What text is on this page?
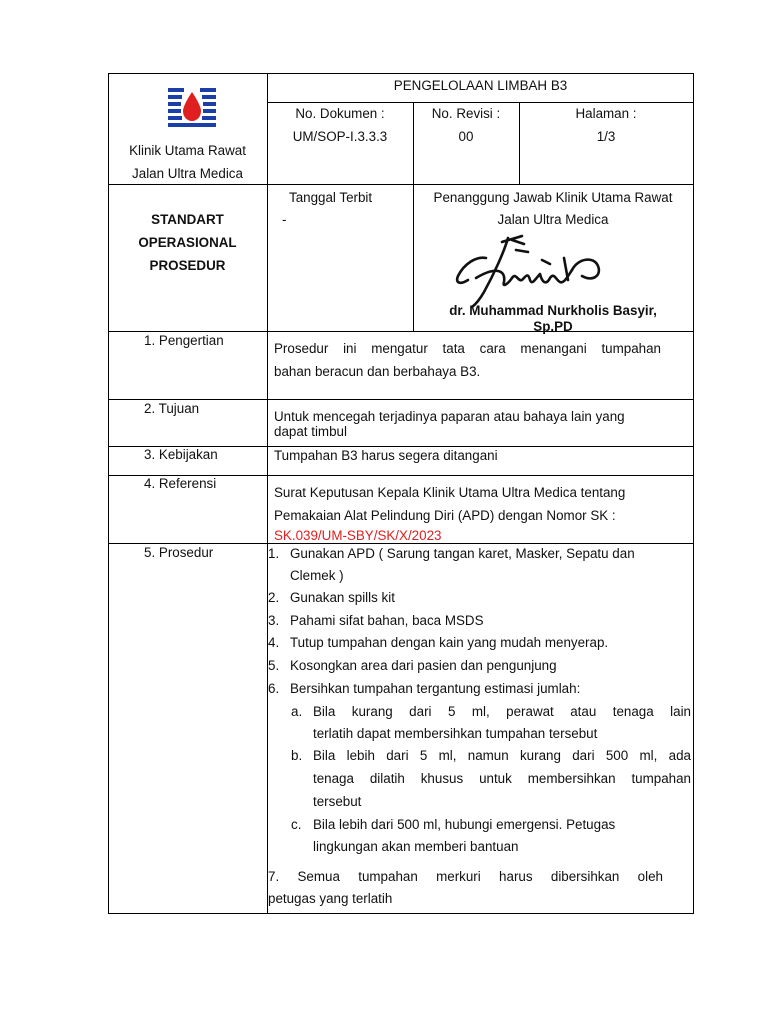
Klinik Utama Rawat
Jalan Ultra Medica
PENGELOLAAN LIMBAH B3
No. Dokumen :
UM/SOP-I.3.3.3
No. Revisi :
00
Halaman :
1/3
STANDART
OPERASIONAL
PROSEDUR
Tanggal Terbit
-
Penanggung Jawab Klinik Utama Rawat
Jalan Ultra Medica
dr. Muhammad Nurkholis Basyir,
Sp.PD
1. Pengertian
2. Tujuan
3. Kebijakan
4. Referensi
5. Prosedur
Prosedur ini mengatur tata cara menangani tumpahan
bahan beracun dan berbahaya B3.
Untuk mencegah terjadinya paparan atau bahaya lain yang
dapat timbul
Tumpahan B3 harus segera ditangani
Surat Keputusan Kepala Klinik Utama Ultra Medica tentang
Pemakaian Alat Pelindung Diri (APD) dengan Nomor SK :
SK.039/UM-SBY/SK/X/2023
1. Gunakan APD ( Sarung tangan karet, Masker, Sepatu dan
Clemek )
2. Gunakan spills kit
3. Pahami sifat bahan, baca MSDS
4. Tutup tumpahan dengan kain yang mudah menyerap.
5. Kosongkan area dari pasien dan pengunjung
6. Bersihkan tumpahan tergantung estimasi jumlah:
a. Bila kurang dari 5 ml, perawat atau tenaga lain
terlatih dapat membersihkan tumpahan tersebut
b. Bila lebih dari 5 ml, namun kurang dari 500 ml, ada
tenaga dilatih khusus untuk membersihkan tumpahan
tersebut
c. Bila lebih dari 500 ml, hubungi emergensi. Petugas
lingkungan akan memberi bantuan
7. Semua tumpahan merkuri harus dibersihkan oleh
petugas yang terlatih
